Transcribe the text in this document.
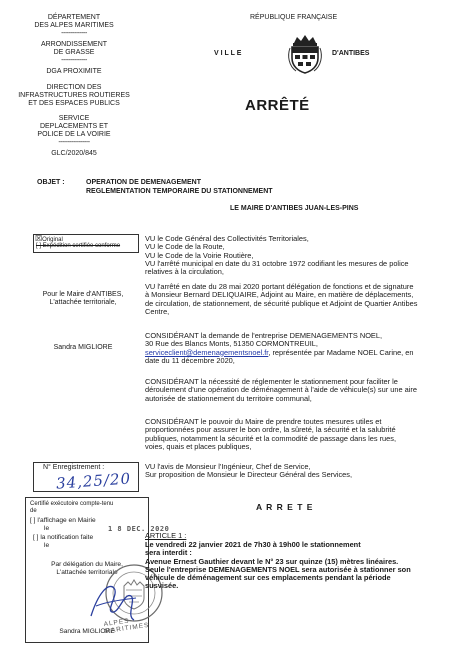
DÉPARTEMENT
DES ALPES MARITIMES
--------------
ARRONDISSEMENT
DE GRASSE
--------------
DGA PROXIMITE
DIRECTION DES
INFRASTRUCTURES ROUTIERES
ET DES ESPACES PUBLICS
SERVICE
DEPLACEMENTS ET
POLICE DE LA VOIRIE
-----------------
GLC/2020/845
RÉPUBLIQUE FRANÇAISE
V I L L E	D'ANTIBES
ARRÊTÉ
OBJET :	OPERATION DE DEMENAGEMENT
REGLEMENTATION TEMPORAIRE DU STATIONNEMENT
LE MAIRE D'ANTIBES JUAN-LES-PINS
☒Original
[ ] Expédition certifiée conforme
Pour le Maire d'ANTIBES,
L'attachée territoriale,
Sandra MIGLIORE
N° Enregistrement :
34,25/20
Certifié exécutoire compte-tenu
de
[ ] l'affichage en Mairie
le
[ ] la notification faite
le
Par délégation du Maire,
L'attachée territoriale
Sandra MIGLIORE
ALPES-MARITIMES
1 8 DEC. 2020
VU le Code Général des Collectivités Territoriales,
VU le Code de la Route,
VU le Code de la Voirie Routière,
VU l'arrêté municipal en date du 31 octobre 1972 codifiant les mesures de police
relatives à la circulation,
VU l'arrêté en date du 28 mai 2020 portant délégation de fonctions et de signature
à Monsieur Bernard DELIQUAIRE, Adjoint au Maire, en matière de déplacements,
de circulation, de stationnement, de sécurité publique et Adjoint de Quartier Antibes
Centre,
CONSIDÉRANT la demande de l'entreprise DEMENAGEMENTS NOEL,
30 Rue des Blancs Monts, 51350 CORMONTREUIL,
serviceclient@demenagementsnoel.fr, représentée par Madame NOEL Carine, en
date du 11 décembre 2020,
CONSIDÉRANT la nécessité de réglementer le stationnement pour faciliter le
déroulement d'une opération de déménagement à l'aide de véhicule(s) sur une aire
autorisée de stationnement du territoire communal,
CONSIDÉRANT le pouvoir du Maire de prendre toutes mesures utiles et
proportionnées pour assurer le bon ordre, la sûreté, la sécurité et la salubrité
publiques, notamment la sécurité et la commodité de passage dans les rues,
voies, quais et places publiques,
VU l'avis de Monsieur l'Ingénieur, Chef de Service,
Sur proposition de Monsieur le Directeur Général des Services,
A R R E T E
ARTICLE 1 :
Le vendredi 22 janvier 2021 de 7h30 à 19h00 le stationnement
sera interdit :
Avenue Ernest Gauthier devant le N° 23 sur quinze (15) mètres linéaires.
Seule l'entreprise DEMENAGEMENTS NOEL sera autorisée à stationner son
véhicule de déménagement sur ces emplacements pendant la période
susvisée.
